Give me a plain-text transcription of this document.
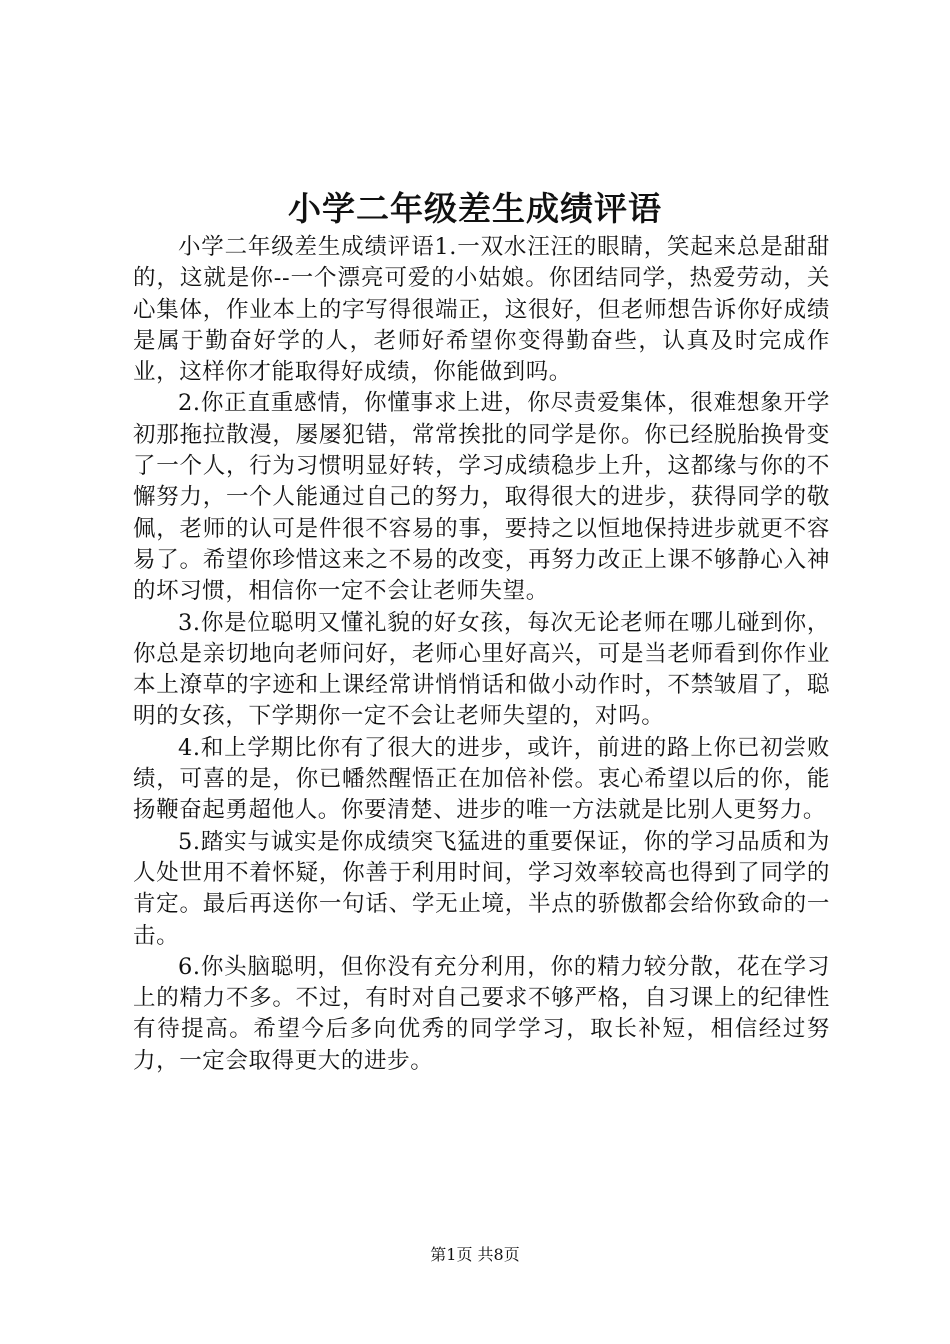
小学二年级差生成绩评语

小学二年级差生成绩评语1.一双水汪汪的眼睛，笑起来总是甜甜的，这就是你--一个漂亮可爱的小姑娘。你团结同学，热爱劳动，关心集体，作业本上的字写得很端正，这很好，但老师想告诉你好成绩是属于勤奋好学的人，老师好希望你变得勤奋些，认真及时完成作业，这样你才能取得好成绩，你能做到吗。

2.你正直重感情，你懂事求上进，你尽责爱集体，很难想象开学初那拖拉散漫，屡屡犯错，常常挨批的同学是你。你已经脱胎换骨变了一个人，行为习惯明显好转，学习成绩稳步上升，这都缘与你的不懈努力，一个人能通过自己的努力，取得很大的进步，获得同学的敬佩，老师的认可是件很不容易的事，要持之以恒地保持进步就更不容易了。希望你珍惜这来之不易的改变，再努力改正上课不够静心入神的坏习惯，相信你一定不会让老师失望。

3.你是位聪明又懂礼貌的好女孩，每次无论老师在哪儿碰到你，你总是亲切地向老师问好，老师心里好高兴，可是当老师看到你作业本上潦草的字迹和上课经常讲悄悄话和做小动作时，不禁皱眉了，聪明的女孩，下学期你一定不会让老师失望的，对吗。

4.和上学期比你有了很大的进步，或许，前进的路上你已初尝败绩，可喜的是，你已幡然醒悟正在加倍补偿。衷心希望以后的你，能扬鞭奋起勇超他人。你要清楚、进步的唯一方法就是比别人更努力。

5.踏实与诚实是你成绩突飞猛进的重要保证，你的学习品质和为人处世用不着怀疑，你善于利用时间，学习效率较高也得到了同学的肯定。最后再送你一句话、学无止境，半点的骄傲都会给你致命的一击。

6.你头脑聪明，但你没有充分利用，你的精力较分散，花在学习上的精力不多。不过，有时对自己要求不够严格，自习课上的纪律性有待提高。希望今后多向优秀的同学学习，取长补短，相信经过努力，一定会取得更大的进步。

第1页 共8页
